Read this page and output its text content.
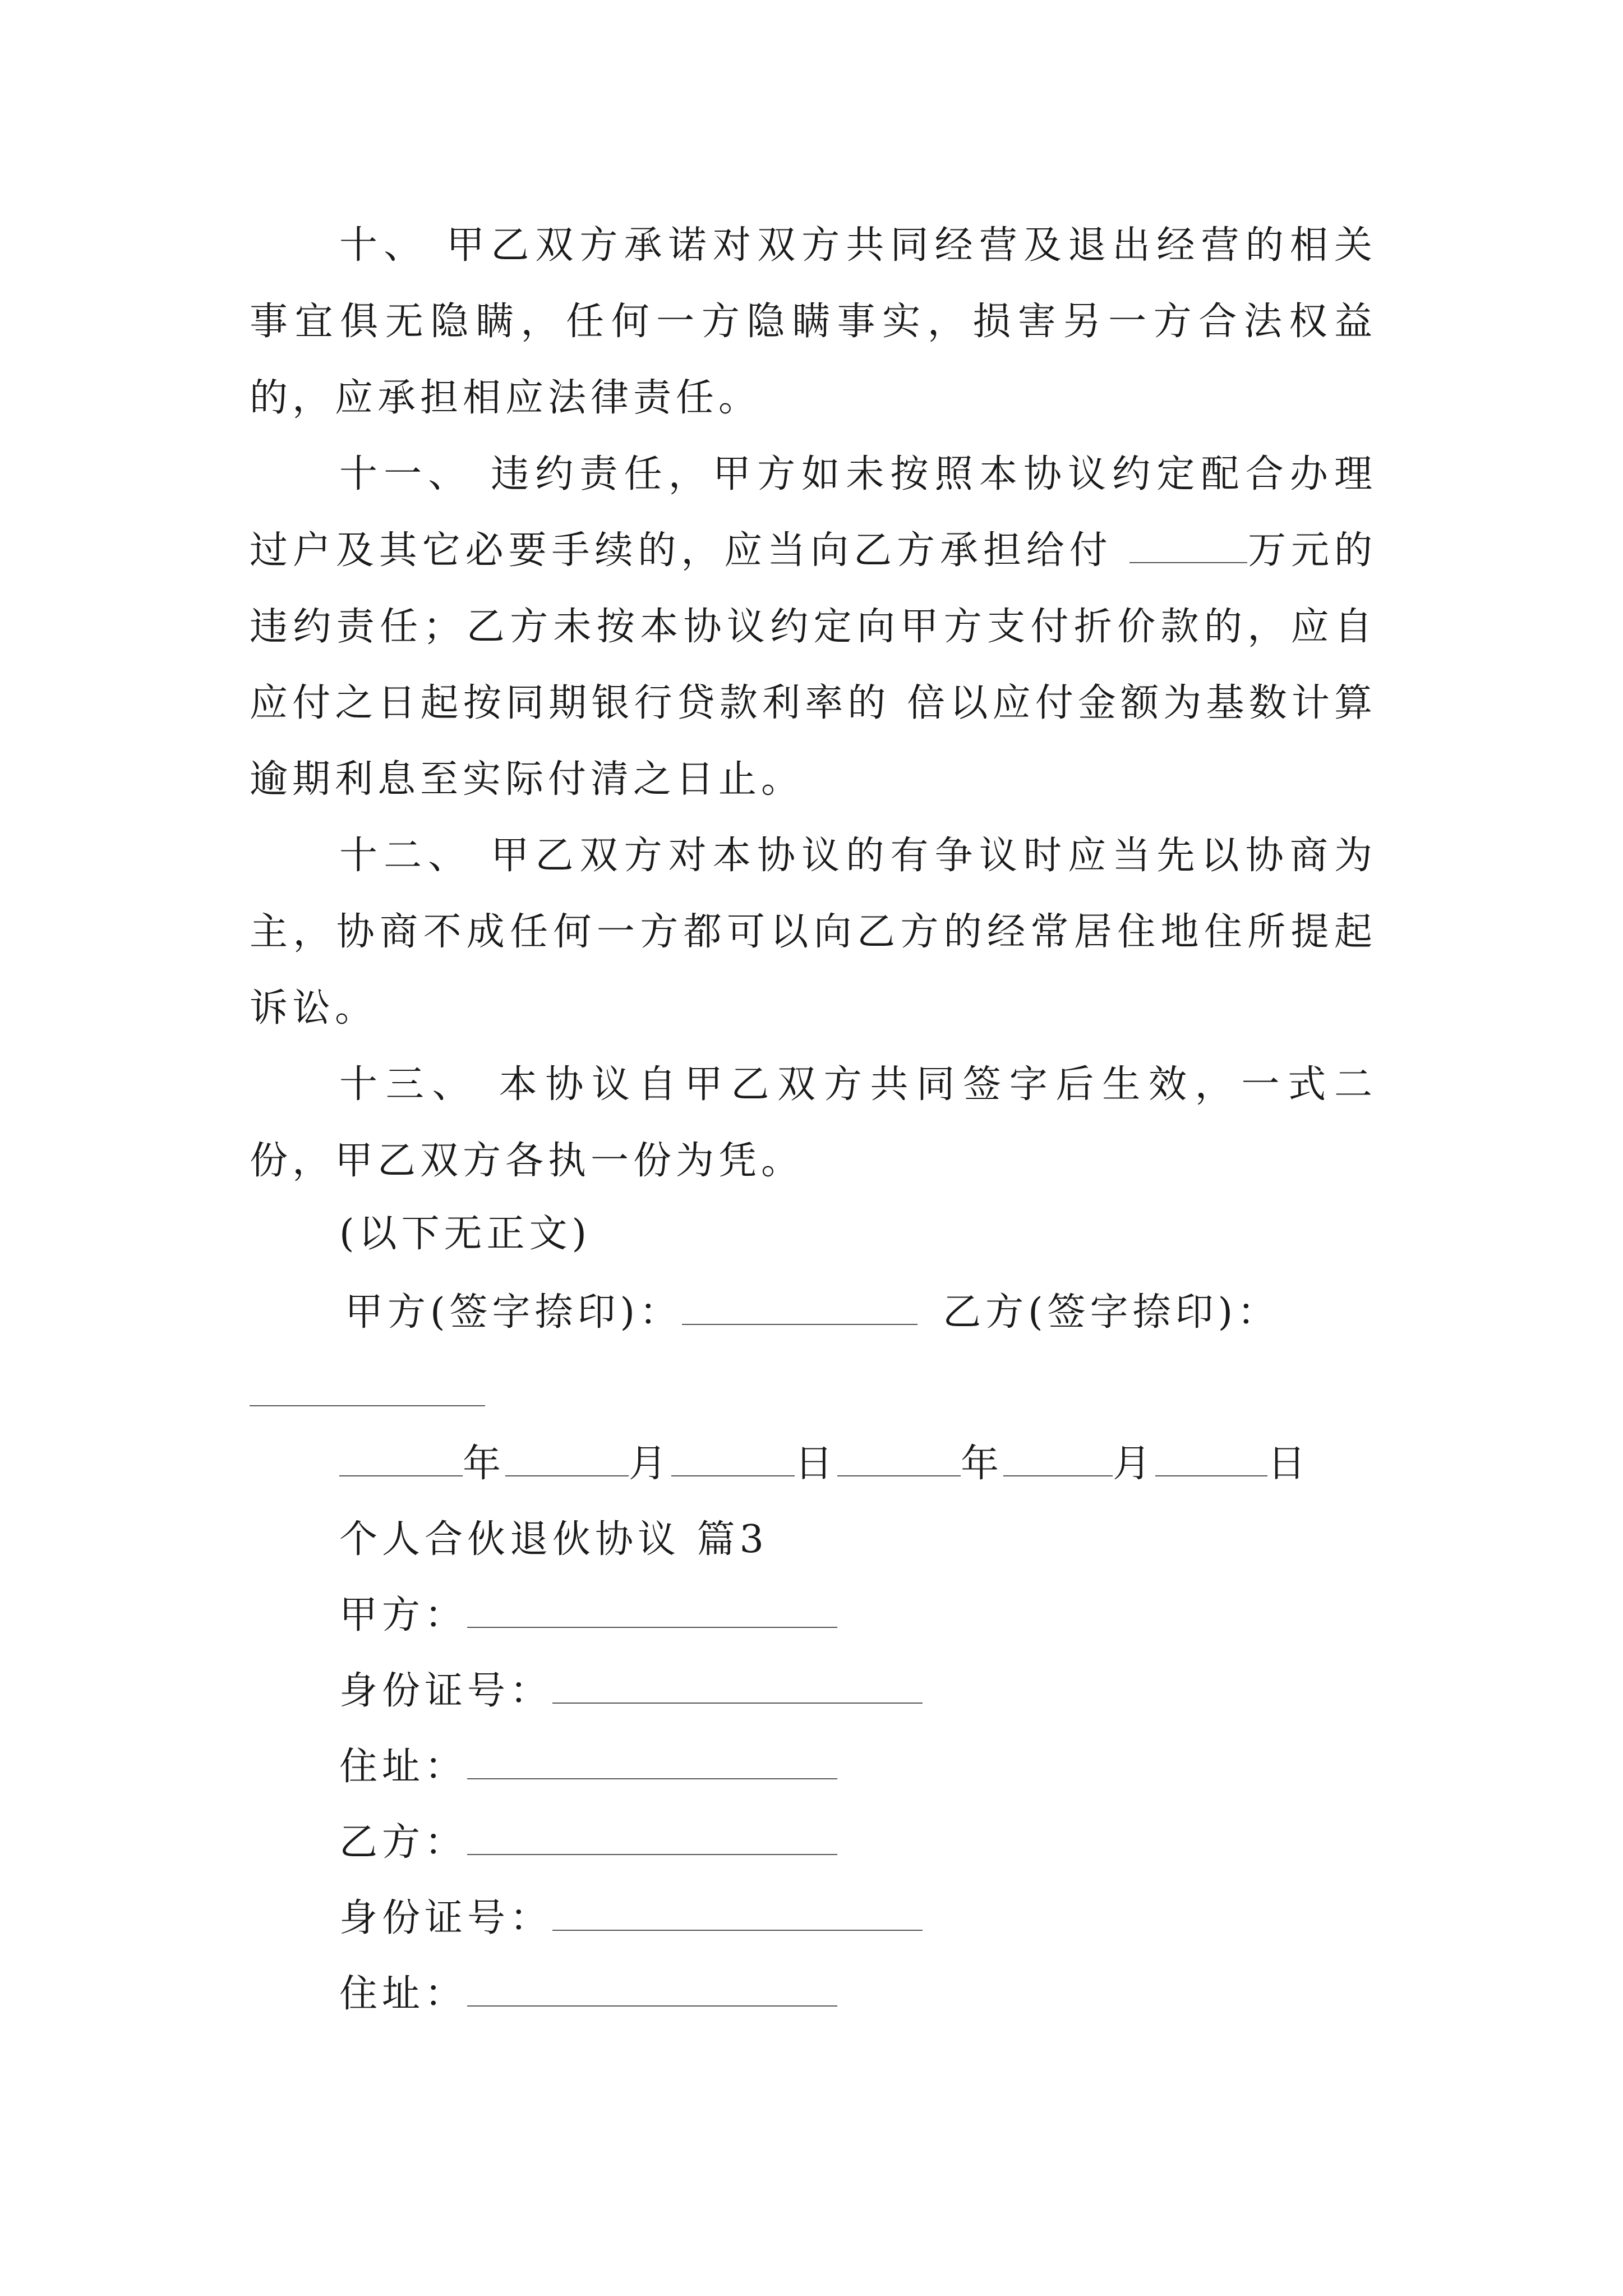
十、 甲乙双方承诺对双方共同经营及退出经营的相关事宜俱无隐瞒，任何一方隐瞒事实，损害另一方合法权益的，应承担相应法律责任。

十一、 违约责任，甲方如未按照本协议约定配合办理过户及其它必要手续的，应当向乙方承担给付	万元的违约责任；乙方未按本协议约定向甲方支付折价款的，应自应付之日起按同期银行贷款利率的 倍以应付金额为基数计算逾期利息至实际付清之日止。

十二、 甲乙双方对本协议的有争议时应当先以协商为主，协商不成任何一方都可以向乙方的经常居住地住所提起诉讼。

十三、 本协议自甲乙双方共同签字后生效，一式二份，甲乙双方各执一份为凭。

(以下无正文)

甲方(签字捺印)：	乙方(签字捺印)：

年	月	日	年	月	日

个人合伙退伙协议 篇3

甲方：

身份证号：

住址：

乙方：

身份证号：

住址：
